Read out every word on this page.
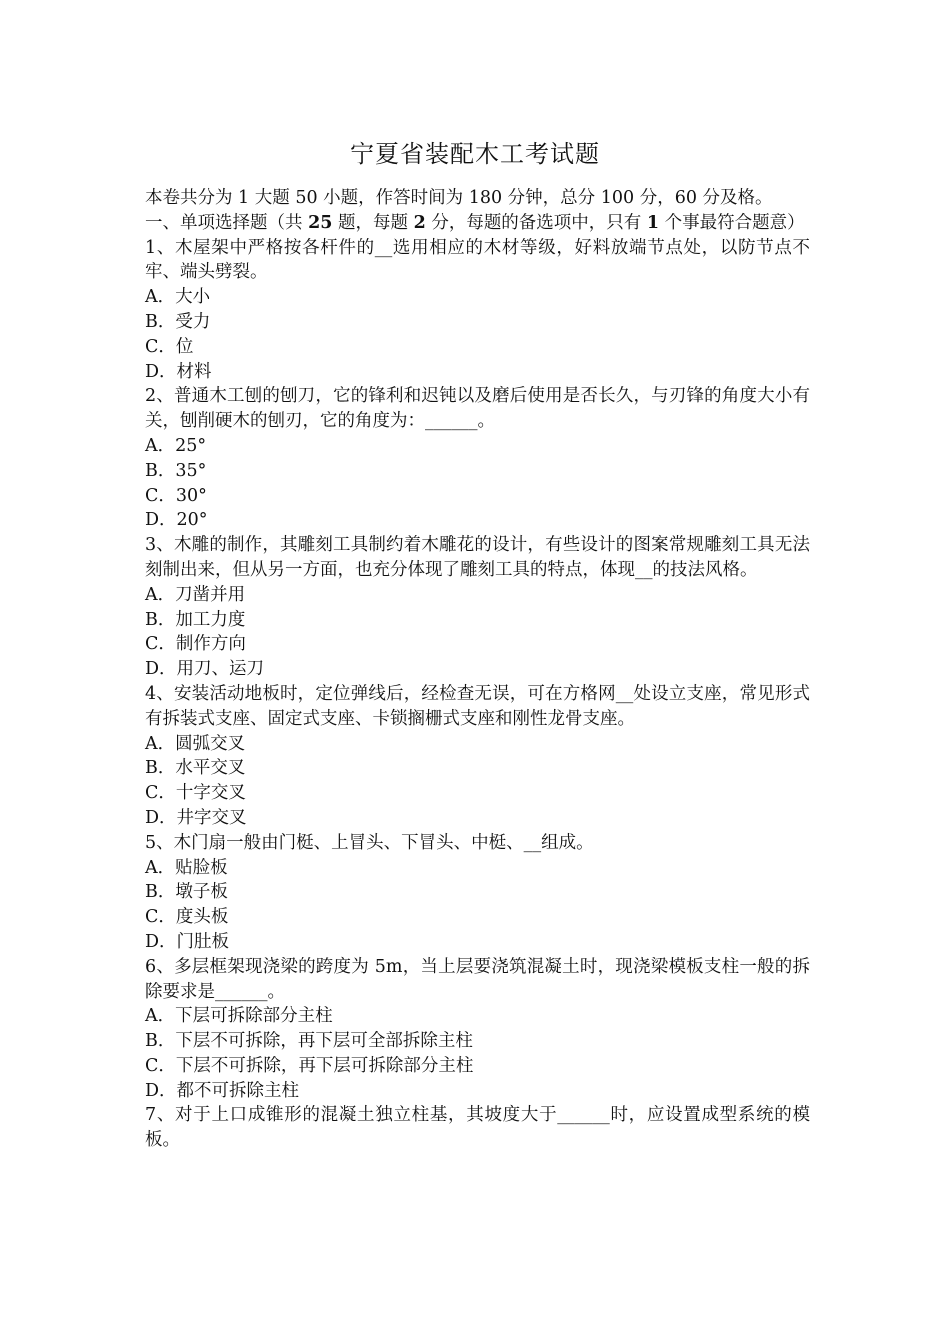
宁夏省装配木工考试题

本卷共分为 1 大题 50 小题，作答时间为 180 分钟，总分 100 分，60 分及格。

一、单项选择题（共 25 题，每题 2 分，每题的备选项中，只有 1 个事最符合题意）

1、木屋架中严格按各杆件的__选用相应的木材等级，好料放端节点处，以防节点不牢、端头劈裂。

A．大小

B．受力

C．位

D．材料

2、普通木工刨的刨刀，它的锋利和迟钝以及磨后使用是否长久，与刃锋的角度大小有关，刨削硬木的刨刃，它的角度为：______。

A．25°

B．35°

C．30°

D．20°

3、木雕的制作，其雕刻工具制约着木雕花的设计，有些设计的图案常规雕刻工具无法刻制出来，但从另一方面，也充分体现了雕刻工具的特点，体现__的技法风格。

A．刀凿并用

B．加工力度

C．制作方向

D．用刀、运刀

4、安装活动地板时，定位弹线后，经检查无误，可在方格网__处设立支座，常见形式有拆装式支座、固定式支座、卡锁搁栅式支座和刚性龙骨支座。

A．圆弧交叉

B．水平交叉

C．十字交叉

D．井字交叉

5、木门扇一般由门梃、上冒头、下冒头、中梃、__组成。

A．贴脸板

B．墩子板

C．度头板

D．门肚板

6、多层框架现浇梁的跨度为 5m，当上层要浇筑混凝土时，现浇梁模板支柱一般的拆除要求是______。

A．下层可拆除部分主柱

B．下层不可拆除，再下层可全部拆除主柱

C．下层不可拆除，再下层可拆除部分主柱

D．都不可拆除主柱

7、对于上口成锥形的混凝土独立柱基，其坡度大于______时，应设置成型系统的模板。
